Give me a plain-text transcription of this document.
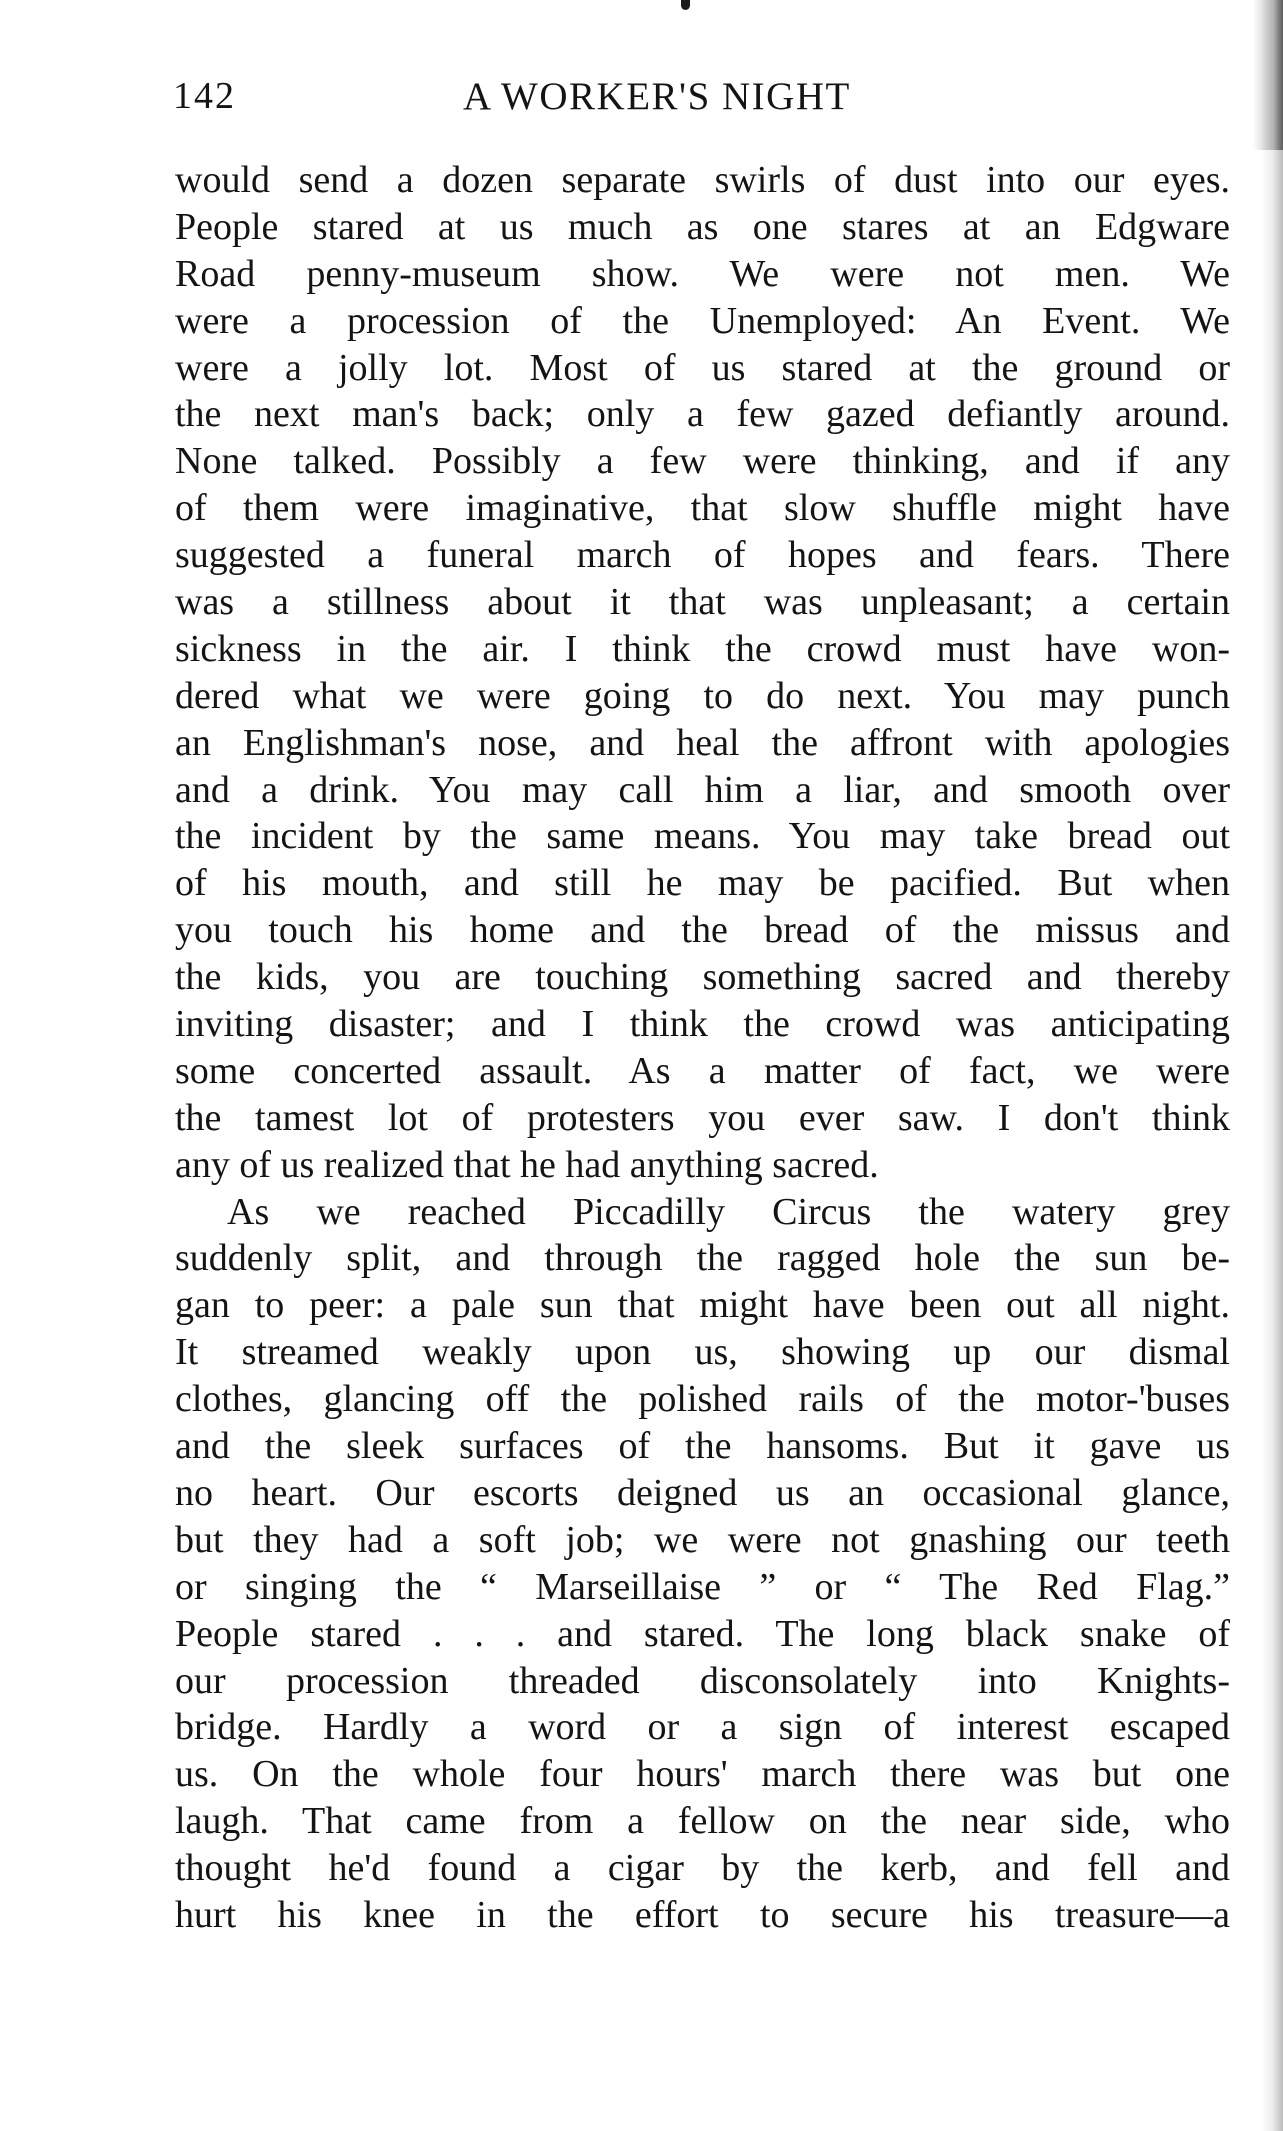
142	A WORKER'S NIGHT
would send a dozen separate swirls of dust into our eyes.
People stared at us much as one stares at an Edgware
Road penny-museum show. We were not men. We
were a procession of the Unemployed: An Event. We
were a jolly lot. Most of us stared at the ground or
the next man's back; only a few gazed defiantly around.
None talked. Possibly a few were thinking, and if any
of them were imaginative, that slow shuffle might have
suggested a funeral march of hopes and fears. There
was a stillness about it that was unpleasant; a certain
sickness in the air. I think the crowd must have won-
dered what we were going to do next. You may punch
an Englishman's nose, and heal the affront with apologies
and a drink. You may call him a liar, and smooth over
the incident by the same means. You may take bread out
of his mouth, and still he may be pacified. But when
you touch his home and the bread of the missus and
the kids, you are touching something sacred and thereby
inviting disaster; and I think the crowd was anticipating
some concerted assault. As a matter of fact, we were
the tamest lot of protesters you ever saw. I don't think
any of us realized that he had anything sacred.
As we reached Piccadilly Circus the watery grey
suddenly split, and through the ragged hole the sun be-
gan to peer: a pale sun that might have been out all night.
It streamed weakly upon us, showing up our dismal
clothes, glancing off the polished rails of the motor-'buses
and the sleek surfaces of the hansoms. But it gave us
no heart. Our escorts deigned us an occasional glance,
but they had a soft job; we were not gnashing our teeth
or singing the “ Marseillaise ” or “ The Red Flag.”
People stared . . . and stared. The long black snake of
our procession threaded disconsolately into Knights-
bridge. Hardly a word or a sign of interest escaped
us. On the whole four hours' march there was but one
laugh. That came from a fellow on the near side, who
thought he'd found a cigar by the kerb, and fell and
hurt his knee in the effort to secure his treasure—a
